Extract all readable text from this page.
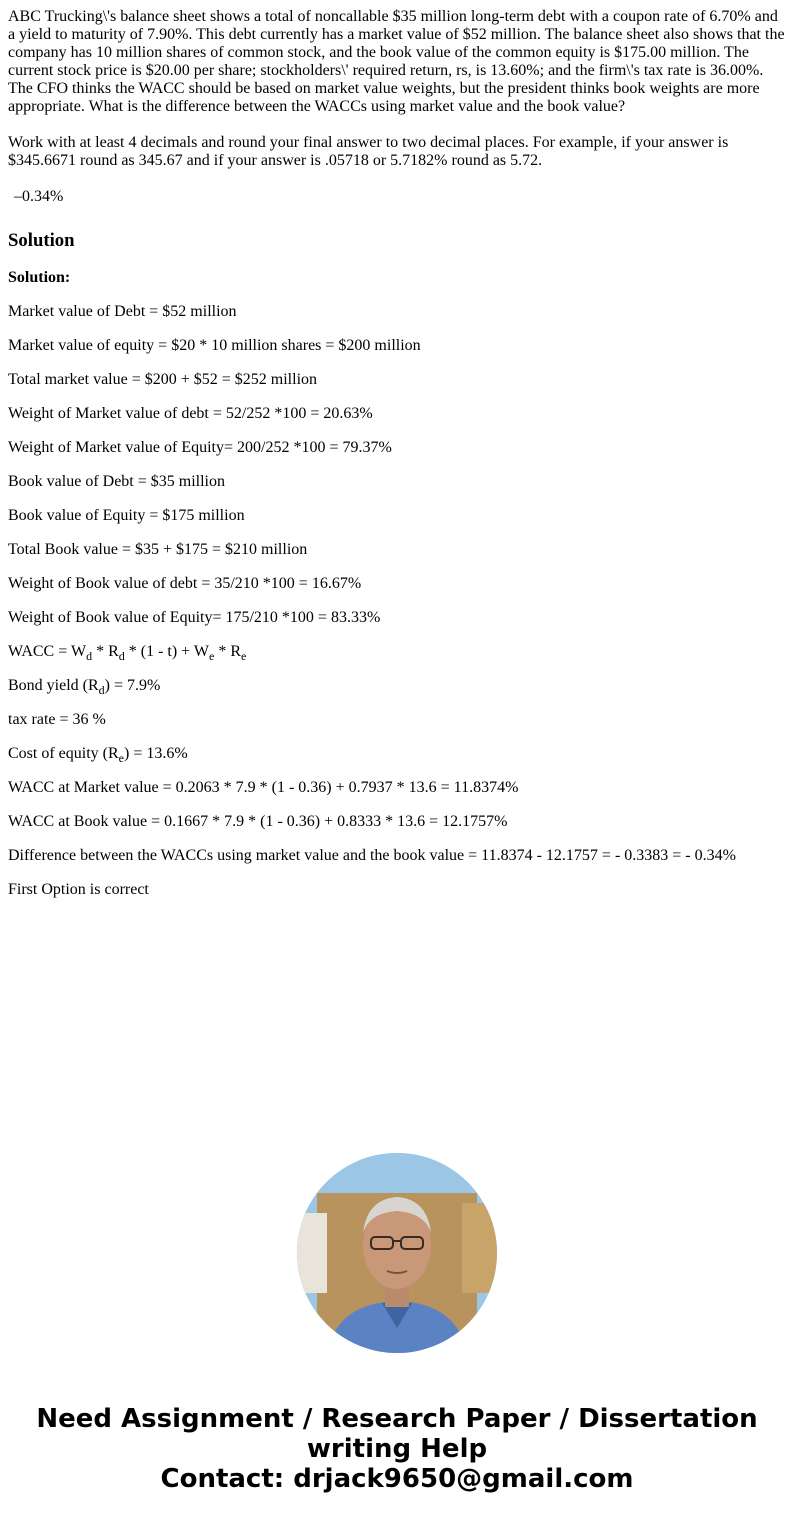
ABC Trucking\'s balance sheet shows a total of noncallable $35 million long-term debt with a coupon rate of 6.70% and a yield to maturity of 7.90%. This debt currently has a market value of $52 million. The balance sheet also shows that the company has 10 million shares of common stock, and the book value of the common equity is $175.00 million. The current stock price is $20.00 per share; stockholders\' required return, rs, is 13.60%; and the firm\'s tax rate is 36.00%. The CFO thinks the WACC should be based on market value weights, but the president thinks book weights are more appropriate. What is the difference between the WACCs using market value and the book value?

Work with at least 4 decimals and round your final answer to two decimal places. For example, if your answer is $345.6671 round as 345.67 and if your answer is .05718 or 5.7182% round as 5.72.

–0.34%

Solution

Solution:

Market value of Debt = $52 million

Market value of equity = $20 * 10 million shares = $200 million

Total market value = $200 + $52 = $252 million

Weight of Market value of debt = 52/252 *100 = 20.63%

Weight of Market value of Equity= 200/252 *100 = 79.37%

Book value of Debt = $35 million

Book value of Equity = $175 million

Total Book value = $35 + $175 = $210 million

Weight of Book value of debt = 35/210 *100 = 16.67%

Weight of Book value of Equity= 175/210 *100 = 83.33%

WACC = $W_d * R_d * (1 - t) + W_e * R_e$

Bond yield $(R_d) = 7.9\%$

tax rate = 36 %

Cost of equity $(R_e) = 13.6\%$

WACC at Market value = 0.2063 * 7.9 * (1 - 0.36) + 0.7937 * 13.6 = 11.8374%

WACC at Book value = 0.1667 * 7.9 * (1 - 0.36) + 0.8333 * 13.6 = 12.1757%

Difference between the WACCs using market value and the book value = 11.8374 - 12.1757 = - 0.3383 = - 0.34%

First Option is correct

Need Assignment / Research Paper / Dissertation
writing Help
Contact: drjack9650@gmail.com
